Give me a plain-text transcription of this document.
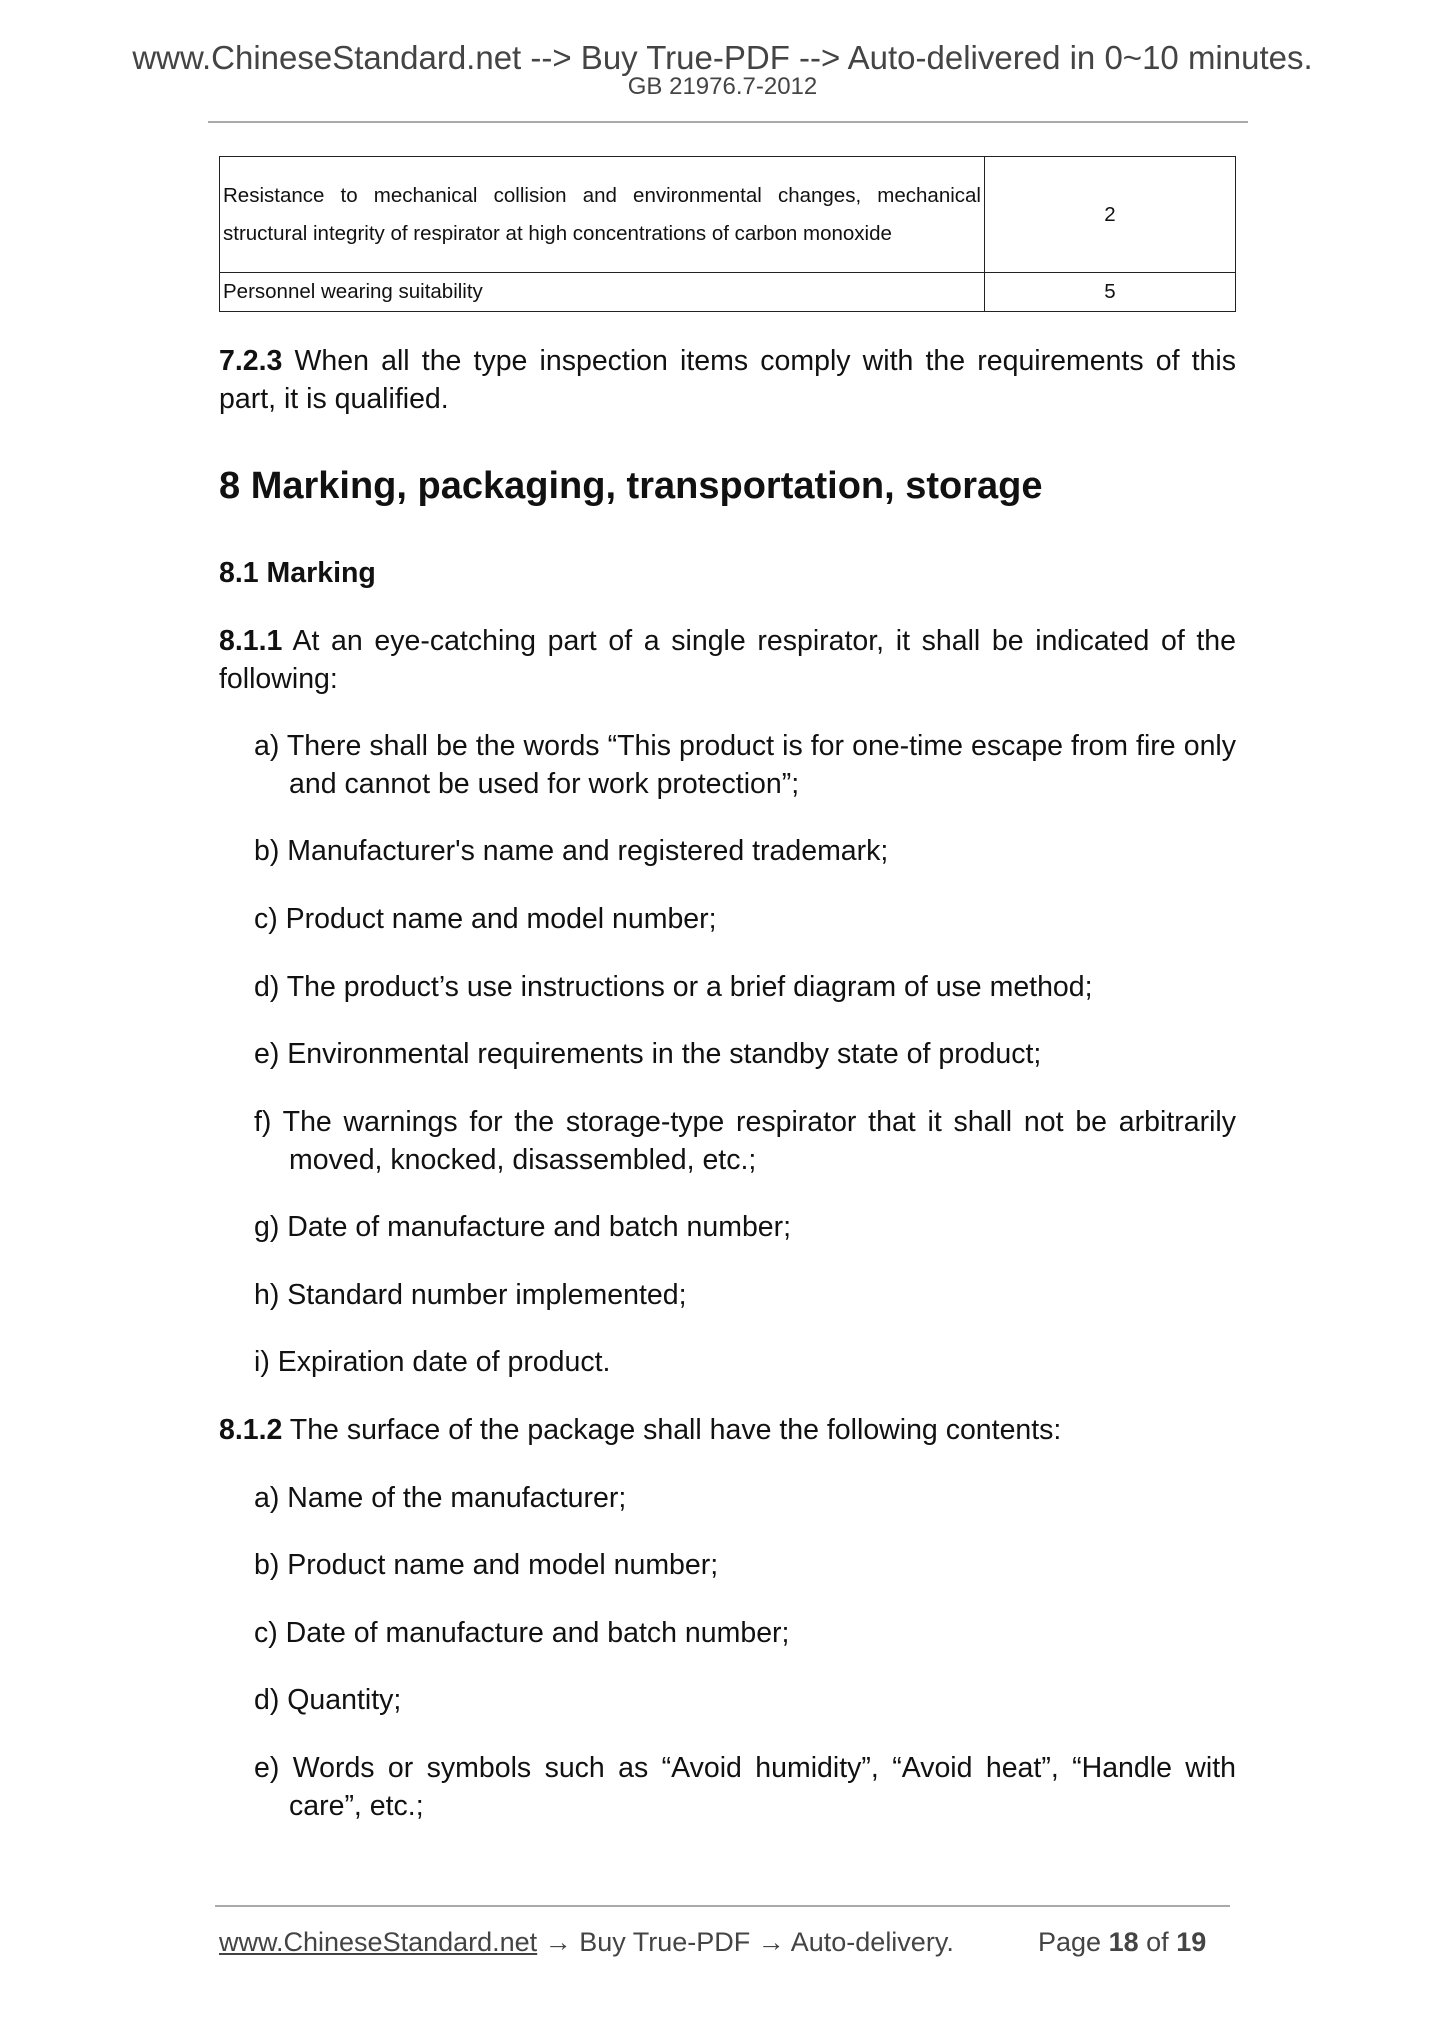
www.ChineseStandard.net --> Buy True-PDF --> Auto-delivered in 0~10 minutes.
GB 21976.7-2012
Resistance to mechanical collision and environmental changes, mechanical structural integrity of respirator at high concentrations of carbon monoxide	2
Personnel wearing suitability	5
7.2.3 When all the type inspection items comply with the requirements of this part, it is qualified.
8 Marking, packaging, transportation, storage
8.1 Marking
8.1.1 At an eye-catching part of a single respirator, it shall be indicated of the following:
a) There shall be the words “This product is for one-time escape from fire only and cannot be used for work protection”;
b) Manufacturer's name and registered trademark;
c) Product name and model number;
d) The product’s use instructions or a brief diagram of use method;
e) Environmental requirements in the standby state of product;
f) The warnings for the storage-type respirator that it shall not be arbitrarily moved, knocked, disassembled, etc.;
g) Date of manufacture and batch number;
h) Standard number implemented;
i) Expiration date of product.
8.1.2 The surface of the package shall have the following contents:
a) Name of the manufacturer;
b) Product name and model number;
c) Date of manufacture and batch number;
d) Quantity;
e) Words or symbols such as “Avoid humidity”, “Avoid heat”, “Handle with care”, etc.;
www.ChineseStandard.net → Buy True-PDF → Auto-delivery.	Page 18 of 19
